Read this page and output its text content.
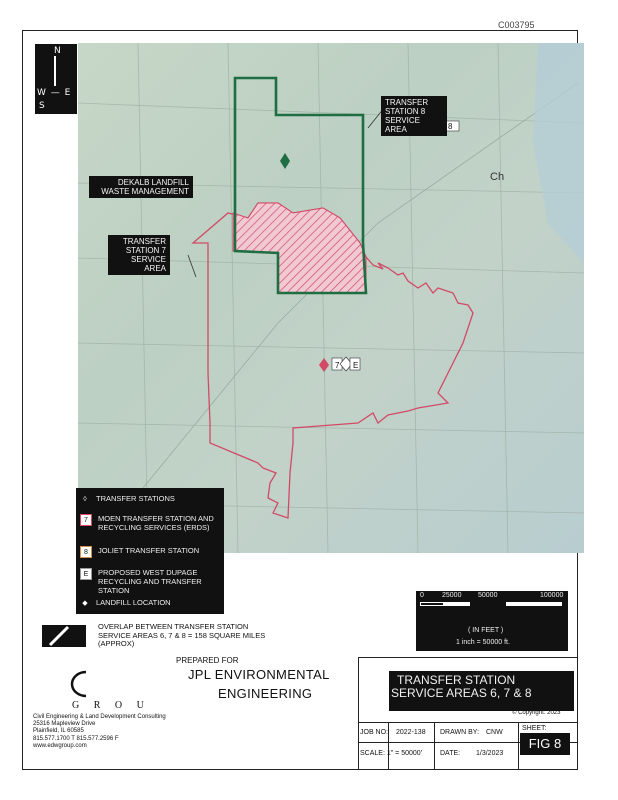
C003795
7 E
8
N
W — E
S	TRANSFER STATION 8 SERVICE AREA
TRANSFER STATION 7 SERVICE AREA
DEKALB LANDFILL WASTE MANAGEMENT
Ch
◊	TRANSFER STATIONS
7	MOEN TRANSFER STATION AND RECYCLING SERVICES (ERDS)
8	JOLIET TRANSFER STATION
E	PROPOSED WEST DUPAGE RECYCLING AND TRANSFER STATION
◆	LANDFILL LOCATION
OVERLAP BETWEEN TRANSFER STATION SERVICE AREAS 6, 7 & 8 = 158 SQUARE MILES (APPROX)
PREPARED FOR
JPL ENVIRONMENTAL
ENGINEERING
G R O U
Civil Engineering & Land Development Consulting
25316 Mapleview Drive
Plainfield, IL 60585
815.577.1700 T 815.577.2596 F
www.edwgroup.com
0	25000 50000	100000
( IN FEET )
1 inch = 50000 ft.
TRANSFER STATION
SERVICE AREAS 6, 7 & 8
© Copyright: 2023
JOB NO: 2022-138 DRAWN BY: CNW
SHEET:
SCALE: 1" = 50000'	DATE: 1/3/2023
FIG 8
